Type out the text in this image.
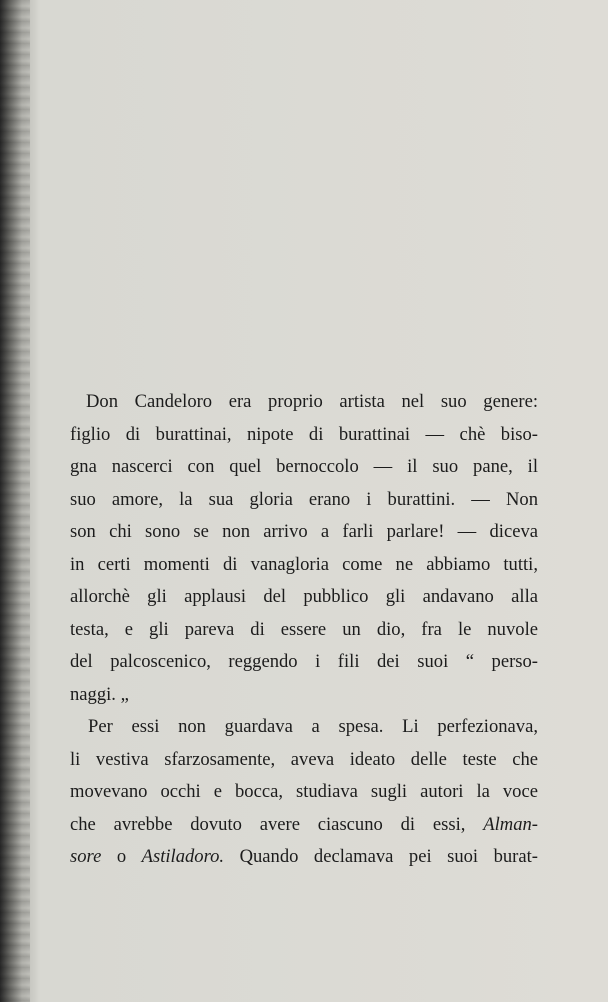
Don Candeloro era proprio artista nel suo genere:
figlio di burattinai, nipote di burattinai — chè biso-
gna nascerci con quel bernoccolo — il suo pane, il
suo amore, la sua gloria erano i burattini. — Non
son chi sono se non arrivo a farli parlare! — diceva
in certi momenti di vanagloria come ne abbiamo tutti,
allorchè gli applausi del pubblico gli andavano alla
testa, e gli pareva di essere un dio, fra le nuvole
del palcoscenico, reggendo i fili dei suoi “ perso-
naggi. „
Per essi non guardava a spesa. Li perfezionava,
li vestiva sfarzosamente, aveva ideato delle teste che
movevano occhi e bocca, studiava sugli autori la voce
che avrebbe dovuto avere ciascuno di essi, Alman-
sore o Astiladoro. Quando declamava pei suoi burat-
